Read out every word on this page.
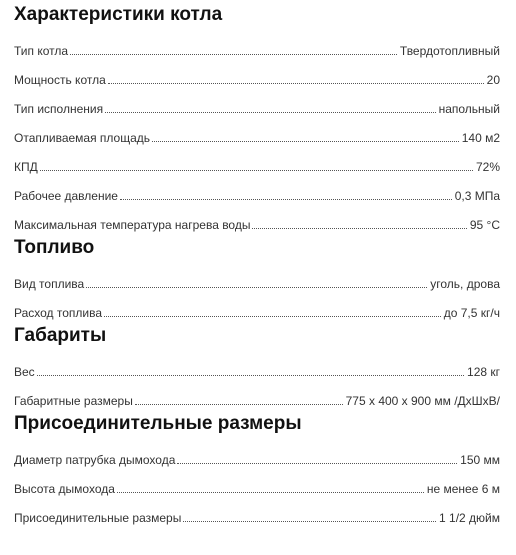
Характеристики котла
Тип котла	Твердотопливный
Мощность котла	20
Тип исполнения	напольный
Отапливаемая площадь	140 м2
КПД	72%
Рабочее давление	0,3 МПа
Максимальная температура нагрева воды	95 °С
Топливо
Вид топлива	уголь, дрова
Расход топлива	до 7,5 кг/ч
Габариты
Вес	128 кг
Габаритные размеры	775 х 400 х 900 мм /ДхШхВ/
Присоединительные размеры
Диаметр патрубка дымохода	150 мм
Высота дымохода	не менее 6 м
Присоединительные размеры	1 1/2 дюйм
